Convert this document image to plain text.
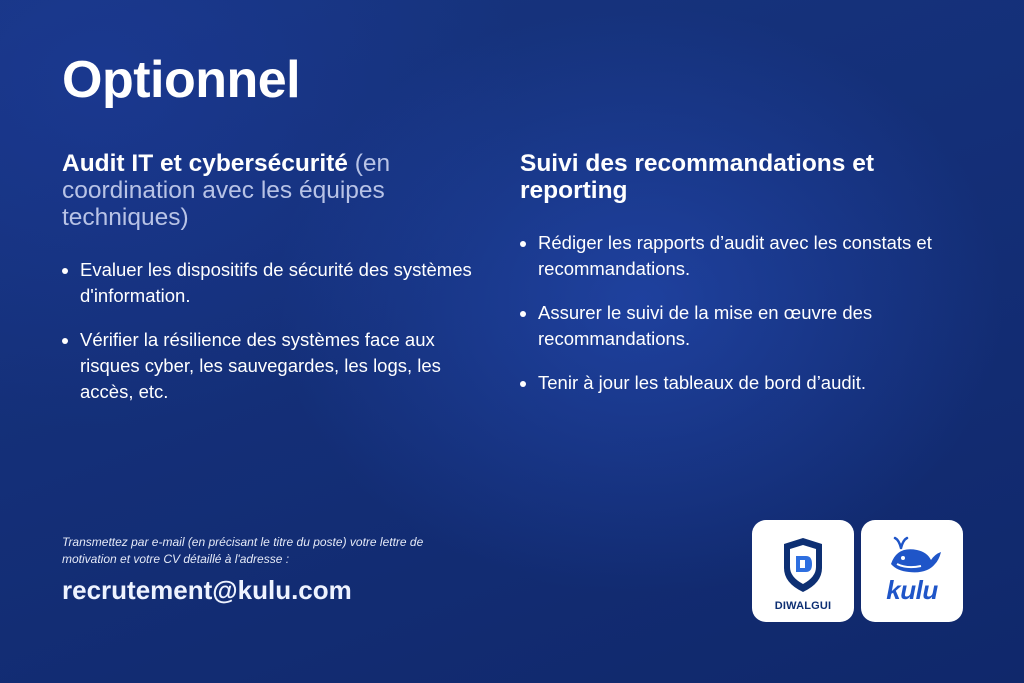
Optionnel
Audit IT et cybersécurité (en coordination avec les équipes techniques)
Evaluer les dispositifs de sécurité des systèmes d'information.
Vérifier la résilience des systèmes face aux risques cyber, les sauvegardes, les logs, les accès, etc.
Suivi des recommandations et reporting
Rédiger les rapports d’audit avec les constats et recommandations.
Assurer le suivi de la mise en œuvre des recommandations.
Tenir à jour les tableaux de bord d’audit.
Transmettez par e-mail (en précisant le titre du poste) votre lettre de motivation et votre CV détaillé à l'adresse :
recrutement@kulu.com
DIWALGUI
kulu
